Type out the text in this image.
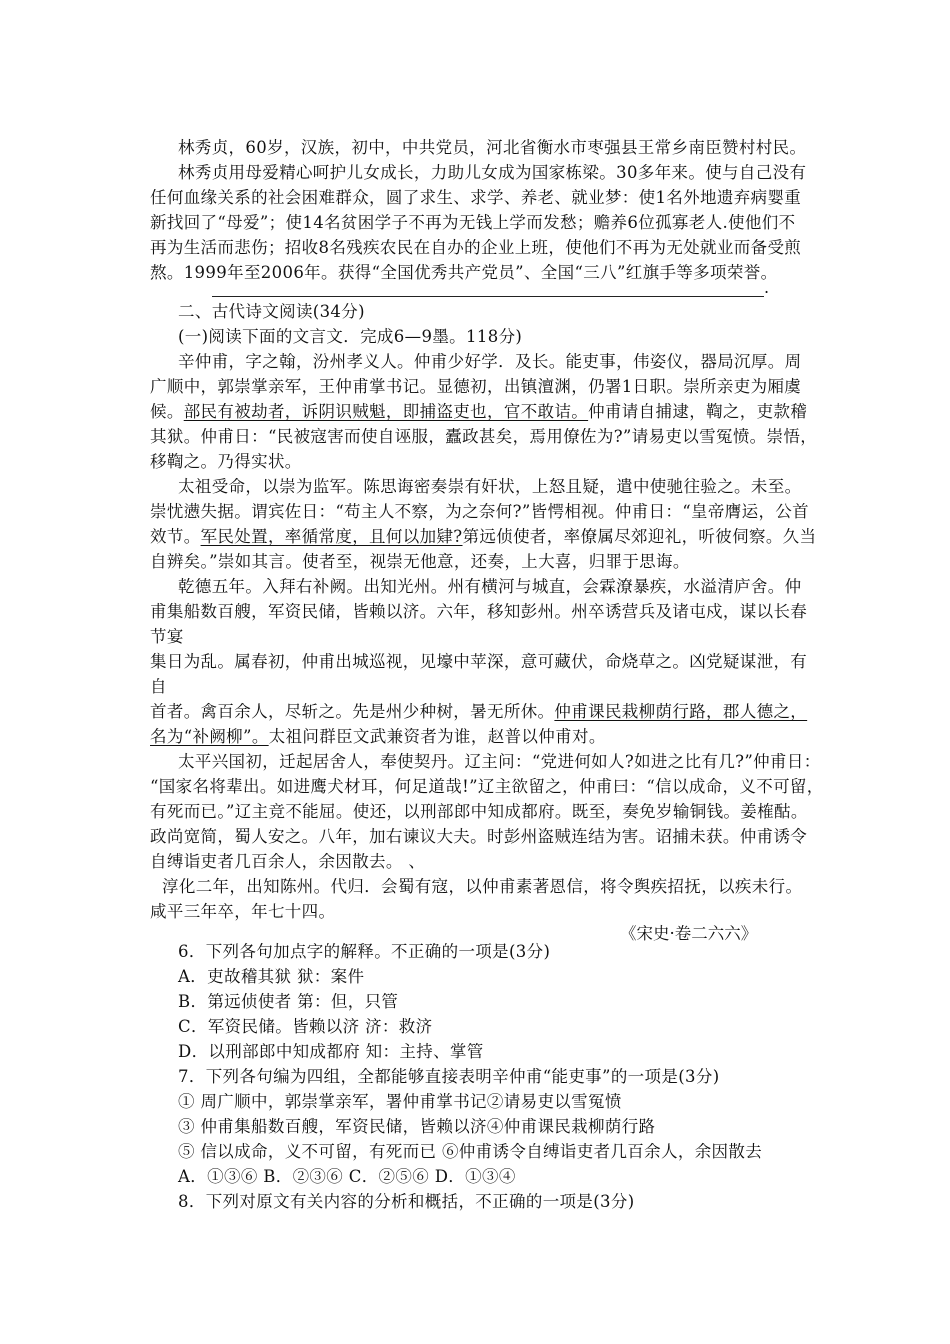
.
《宋史·卷二六六》
林秀贞，60岁，汉族，初中，中共党员，河北省衡水市枣强县王常乡南臣赞村村民。
林秀贞用母爱精心呵护儿女成长，力助儿女成为国家栋梁。30多年来。使与自己没有
任何血缘关系的社会困难群众，圆了求生、求学、养老、就业梦：使1名外地遗弃病婴重
新找回了“母爱”；使14名贫困学子不再为无钱上学而发愁；赡养6位孤寡老人.使他们不
再为生活而悲伤；招收8名残疾农民在自办的企业上班，使他们不再为无处就业而备受煎
熬。1999年至2006年。获得“全国优秀共产党员”、全国“三八”红旗手等多项荣誉。
二、古代诗文阅读(34分)
(一)阅读下面的文言文．完成6—9墨。118分)
辛仲甫，字之翰，汾州孝义人。仲甫少好学．及长。能吏事，伟姿仪，器局沉厚。周
广顺中，郭崇掌亲军，王仲甫掌书记。显德初，出镇澶渊，仍署1日职。崇所亲吏为厢虞
候。部民有被劫者，诉阴识贼魁，即捕盗吏也，官不敢诘。仲甫请自捕逮，鞫之，吏款稽
其狱。仲甫日：“民被寇害而使自诬服，蠹政甚矣，焉用僚佐为?”请易吏以雪冤愤。崇悟，
移鞫之。乃得实状。
太祖受命，以崇为监军。陈思诲密奏崇有奸状，上怒且疑，遣中使驰往验之。未至。
崇忧懑失据。谓宾佐日：“苟主人不察，为之奈何?”皆愕相视。仲甫日：“皇帝膺运，公首
效节。军民处置，率循常度，且何以加肄?第远侦使者，率僚属尽郊迎礼，听彼伺察。久当
自辨矣。”崇如其言。使者至，视崇无他意，还奏，上大喜，归罪于思诲。
乾德五年。入拜右补阙。出知光州。州有横河与城直，会霖潦暴疾，水溢清庐舍。仲
甫集船数百艘，军资民储，皆赖以济。六年，移知彭州。州卒诱营兵及诸屯戍，谋以长春
节宴
集日为乱。属春初，仲甫出城巡视，见壕中苹深，意可藏伏，命烧草之。凶党疑谋泄，有
自
首者。禽百余人，尽斩之。先是州少种树，暑无所休。仲甫课民栽柳荫行路，郡人德之，
名为“补阙柳”。太祖问群臣文武兼资者为谁，赵普以仲甫对。
太平兴国初，迁起居舍人，奉使契丹。辽主问：“党进何如人?如进之比有几?”仲甫日：
“国家名将辈出。如进鹰犬材耳，何足道哉!”辽主欲留之，仲甫曰：“信以成命，义不可留，
有死而已。”辽主竞不能屈。使还，以刑部郎中知成都府。既至，奏免岁输铜钱。姜榷酤。
政尚宽简，蜀人安之。八年，加右谏议大夫。时彭州盗贼连结为害。诏捕未获。仲甫诱令
自缚诣吏者几百余人，余因散去。 、
淳化二年，出知陈州。代归．会蜀有寇，以仲甫素著恩信，将令舆疾招抚，以疾未行。
咸平三年卒，年七十四。
6．下列各句加点字的解释。不正确的一项是(3分)
A．吏故稽其狱 狱：案件
B．第远侦使者 第：但，只管
C．军资民储。皆赖以济 济：救济
D．以刑部郎中知成都府 知：主持、掌管
7．下列各句编为四组，全都能够直接表明辛仲甫“能吏事”的一项是(3分)
① 周广顺中，郭崇掌亲军，署仲甫掌书记②请易吏以雪冤愤
③ 仲甫集船数百艘，军资民储，皆赖以济④仲甫课民栽柳荫行路
⑤ 信以成命，义不可留，有死而已 ⑥仲甫诱令自缚诣吏者几百余人，余因散去
A．①③⑥ B．②③⑥ C．②⑤⑥ D．①③④
8．下列对原文有关内容的分析和概括，不正确的一项是(3分)
